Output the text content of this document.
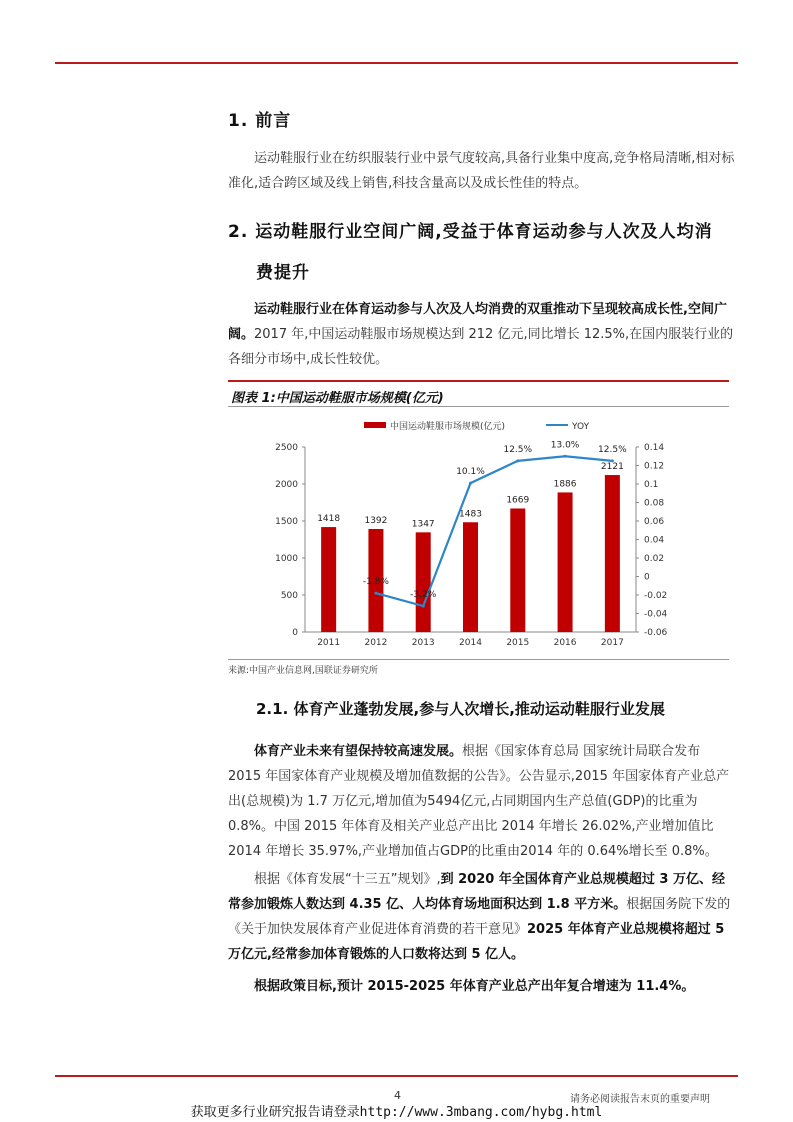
1. 前言

运动鞋服行业在纺织服装行业中景气度较高,具备行业集中度高,竞争格局清晰,相对标准化,适合跨区域及线上销售,科技含量高以及成长性佳的特点。

2. 运动鞋服行业空间广阔,受益于体育运动参与人次及人均消
费提升

运动鞋服行业在体育运动参与人次及人均消费的双重推动下呈现较高成长性,空间广阔。2017 年,中国运动鞋服市场规模达到 212 亿元,同比增长 12.5%,在国内服装行业的各细分市场中,成长性较优。

图表 1:中国运动鞋服市场规模(亿元)
中国运动鞋服市场规模(亿元)	YOY
0
500
1000
1500
2000
2500
-0.06
-0.04
-0.02
0
0.02
0.04
0.06
0.08
0.1
0.12
0.14
1418
2011
1392
2012
1347
2013
1483
2014
1669
2015
1886
2016
2121
2017
-1.8%
-3.2%
10.1%
12.5% 13.0% 12.5%
来源:中国产业信息网,国联证券研究所
2.1. 体育产业蓬勃发展,参与人次增长,推动运动鞋服行业发展

体育产业未来有望保持较高速发展。根据《国家体育总局 国家统计局联合发布 2015 年国家体育产业规模及增加值数据的公告》。公告显示,2015 年国家体育产业总产出(总规模)为 1.7 万亿元,增加值为5494亿元,占同期国内生产总值(GDP)的比重为 0.8%。中国 2015 年体育及相关产业总产出比 2014 年增长 26.02%,产业增加值比 2014 年增长 35.97%,产业增加值占GDP的比重由2014 年的 0.64%增长至 0.8%。

根据《体育发展“十三五”规划》,到 2020 年全国体育产业总规模超过 3 万亿、经常参加锻炼人数达到 4.35 亿、人均体育场地面积达到 1.8 平方米。根据国务院下发的《关于加快发展体育产业促进体育消费的若干意见》2025 年体育产业总规模将超过 5 万亿元,经常参加体育锻炼的人口数将达到 5 亿人。

根据政策目标,预计 2015-2025 年体育产业总产出年复合增速为 11.4%。

4	请务必阅读报告末页的重要声明
获取更多行业研究报告请登录http://www.3mbang.com/hybg.html
